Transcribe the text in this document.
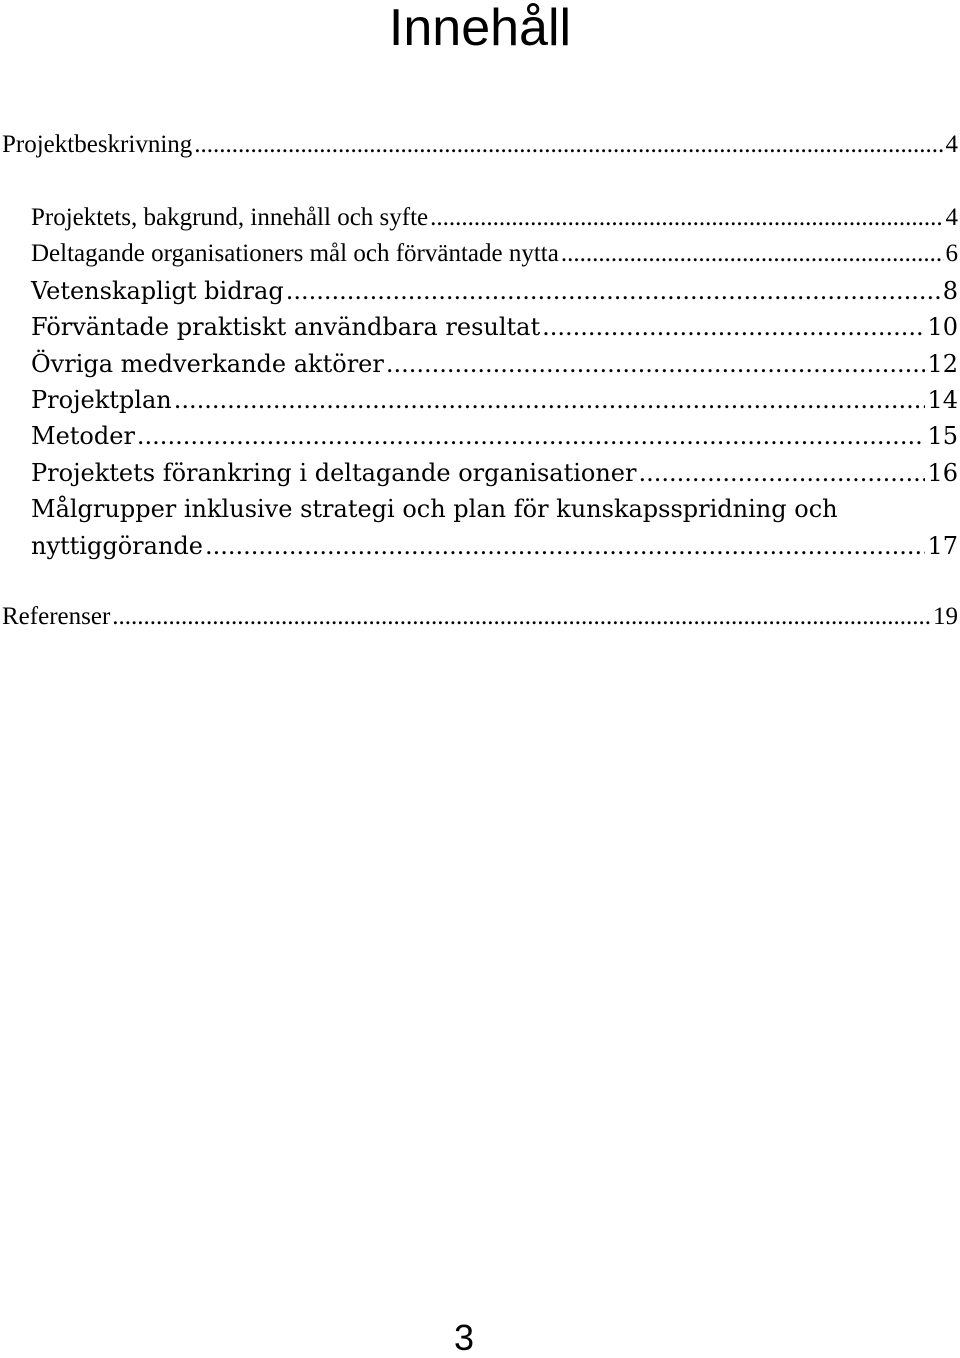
Innehåll
Projektbeskrivning .....	4
Projektets, bakgrund, innehåll och syfte .....	4
Deltagande organisationers mål och förväntade nytta .....	6
Vetenskapligt bidrag .....	8
Förväntade praktiskt användbara resultat .....	10
Övriga medverkande aktörer .....	12
Projektplan .....	14
Metoder .....	15
Projektets förankring i deltagande organisationer .....	16
Målgrupper inklusive strategi och plan för kunskapsspridning och
nyttiggörande .....	17
Referenser .....	19
3
